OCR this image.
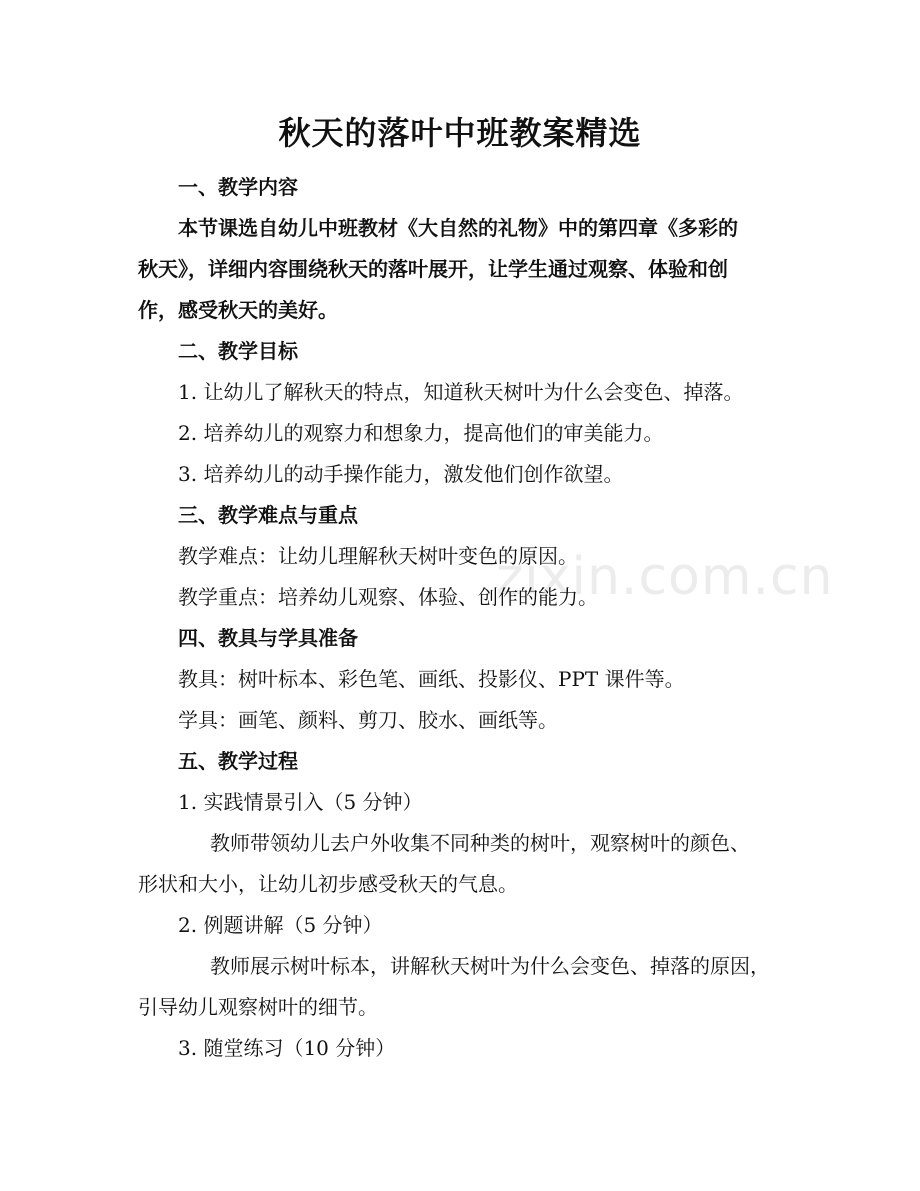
秋天的落叶中班教案精选
zixin.com.cn

一、教学内容

本节课选自幼儿中班教材《大自然的礼物》中的第四章《多彩的

秋天》，详细内容围绕秋天的落叶展开，让学生通过观察、体验和创

作，感受秋天的美好。

二、教学目标

1. 让幼儿了解秋天的特点，知道秋天树叶为什么会变色、掉落。

2. 培养幼儿的观察力和想象力，提高他们的审美能力。

3. 培养幼儿的动手操作能力，激发他们创作欲望。

三、教学难点与重点

教学难点：让幼儿理解秋天树叶变色的原因。

教学重点：培养幼儿观察、体验、创作的能力。

四、教具与学具准备

教具：树叶标本、彩色笔、画纸、投影仪、PPT 课件等。

学具：画笔、颜料、剪刀、胶水、画纸等。

五、教学过程

1. 实践情景引入（5 分钟）

教师带领幼儿去户外收集不同种类的树叶，观察树叶的颜色、

形状和大小，让幼儿初步感受秋天的气息。

2. 例题讲解（5 分钟）

教师展示树叶标本，讲解秋天树叶为什么会变色、掉落的原因，

引导幼儿观察树叶的细节。

3. 随堂练习（10 分钟）
